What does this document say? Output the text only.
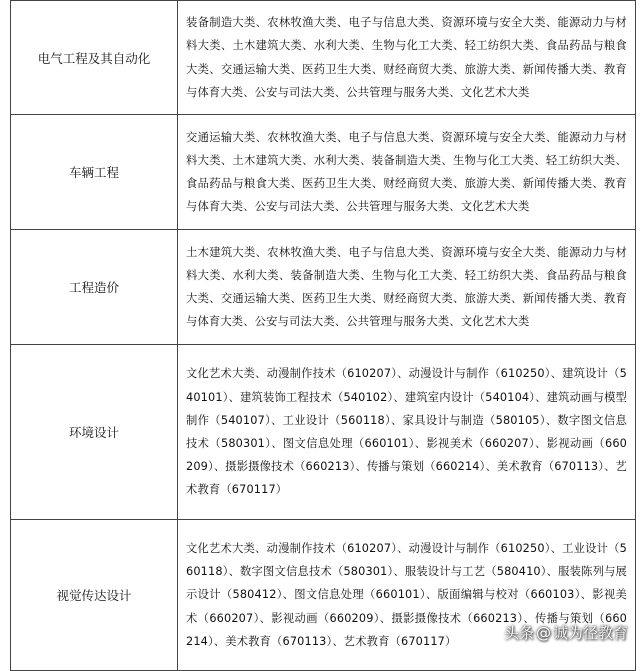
电气工程及其自动化	装备制造大类、农林牧渔大类、电子与信息大类、资源环境与安全大类、能源动力与材料大类、土木建筑大类、水利大类、生物与化工大类、轻工纺织大类、食品药品与粮食大类、交通运输大类、医药卫生大类、财经商贸大类、旅游大类、新闻传播大类、教育与体育大类、公安与司法大类、公共管理与服务大类、文化艺术大类
车辆工程	交通运输大类、农林牧渔大类、电子与信息大类、资源环境与安全大类、能源动力与材料大类、土木建筑大类、水利大类、装备制造大类、生物与化工大类、轻工纺织大类、食品药品与粮食大类、医药卫生大类、财经商贸大类、旅游大类、新闻传播大类、教育与体育大类、公安与司法大类、公共管理与服务大类、文化艺术大类
工程造价	土木建筑大类、农林牧渔大类、电子与信息大类、资源环境与安全大类、能源动力与材料大类、水利大类、装备制造大类、生物与化工大类、轻工纺织大类、食品药品与粮食大类、交通运输大类、医药卫生大类、财经商贸大类、旅游大类、新闻传播大类、教育与体育大类、公安与司法大类、公共管理与服务大类、文化艺术大类
环境设计	文化艺术大类、动漫制作技术（610207）、动漫设计与制作（610250）、建筑设计（540101）、建筑装饰工程技术（540102）、建筑室内设计（540104）、建筑动画与模型制作（540107）、工业设计（560118）、家具设计与制造（580105）、数字图文信息技术（580301）、图文信息处理（660101）、影视美术（660207）、影视动画（660209）、摄影摄像技术（660213）、传播与策划（660214）、美术教育（670113）、艺术教育（670117）
视觉传达设计	文化艺术大类、动漫制作技术（610207）、动漫设计与制作（610250）、工业设计（560118）、数字图文信息技术（580301）、服装设计与工艺（580410）、服装陈列与展示设计（580412）、图文信息处理（660101）、版面编辑与校对（660103）、影视美术（660207）、影视动画（660209）、摄影摄像技术（660213）、传播与策划（660214）、美术教育（670113）、艺术教育（670117）	头条 @ 诚为径教育
